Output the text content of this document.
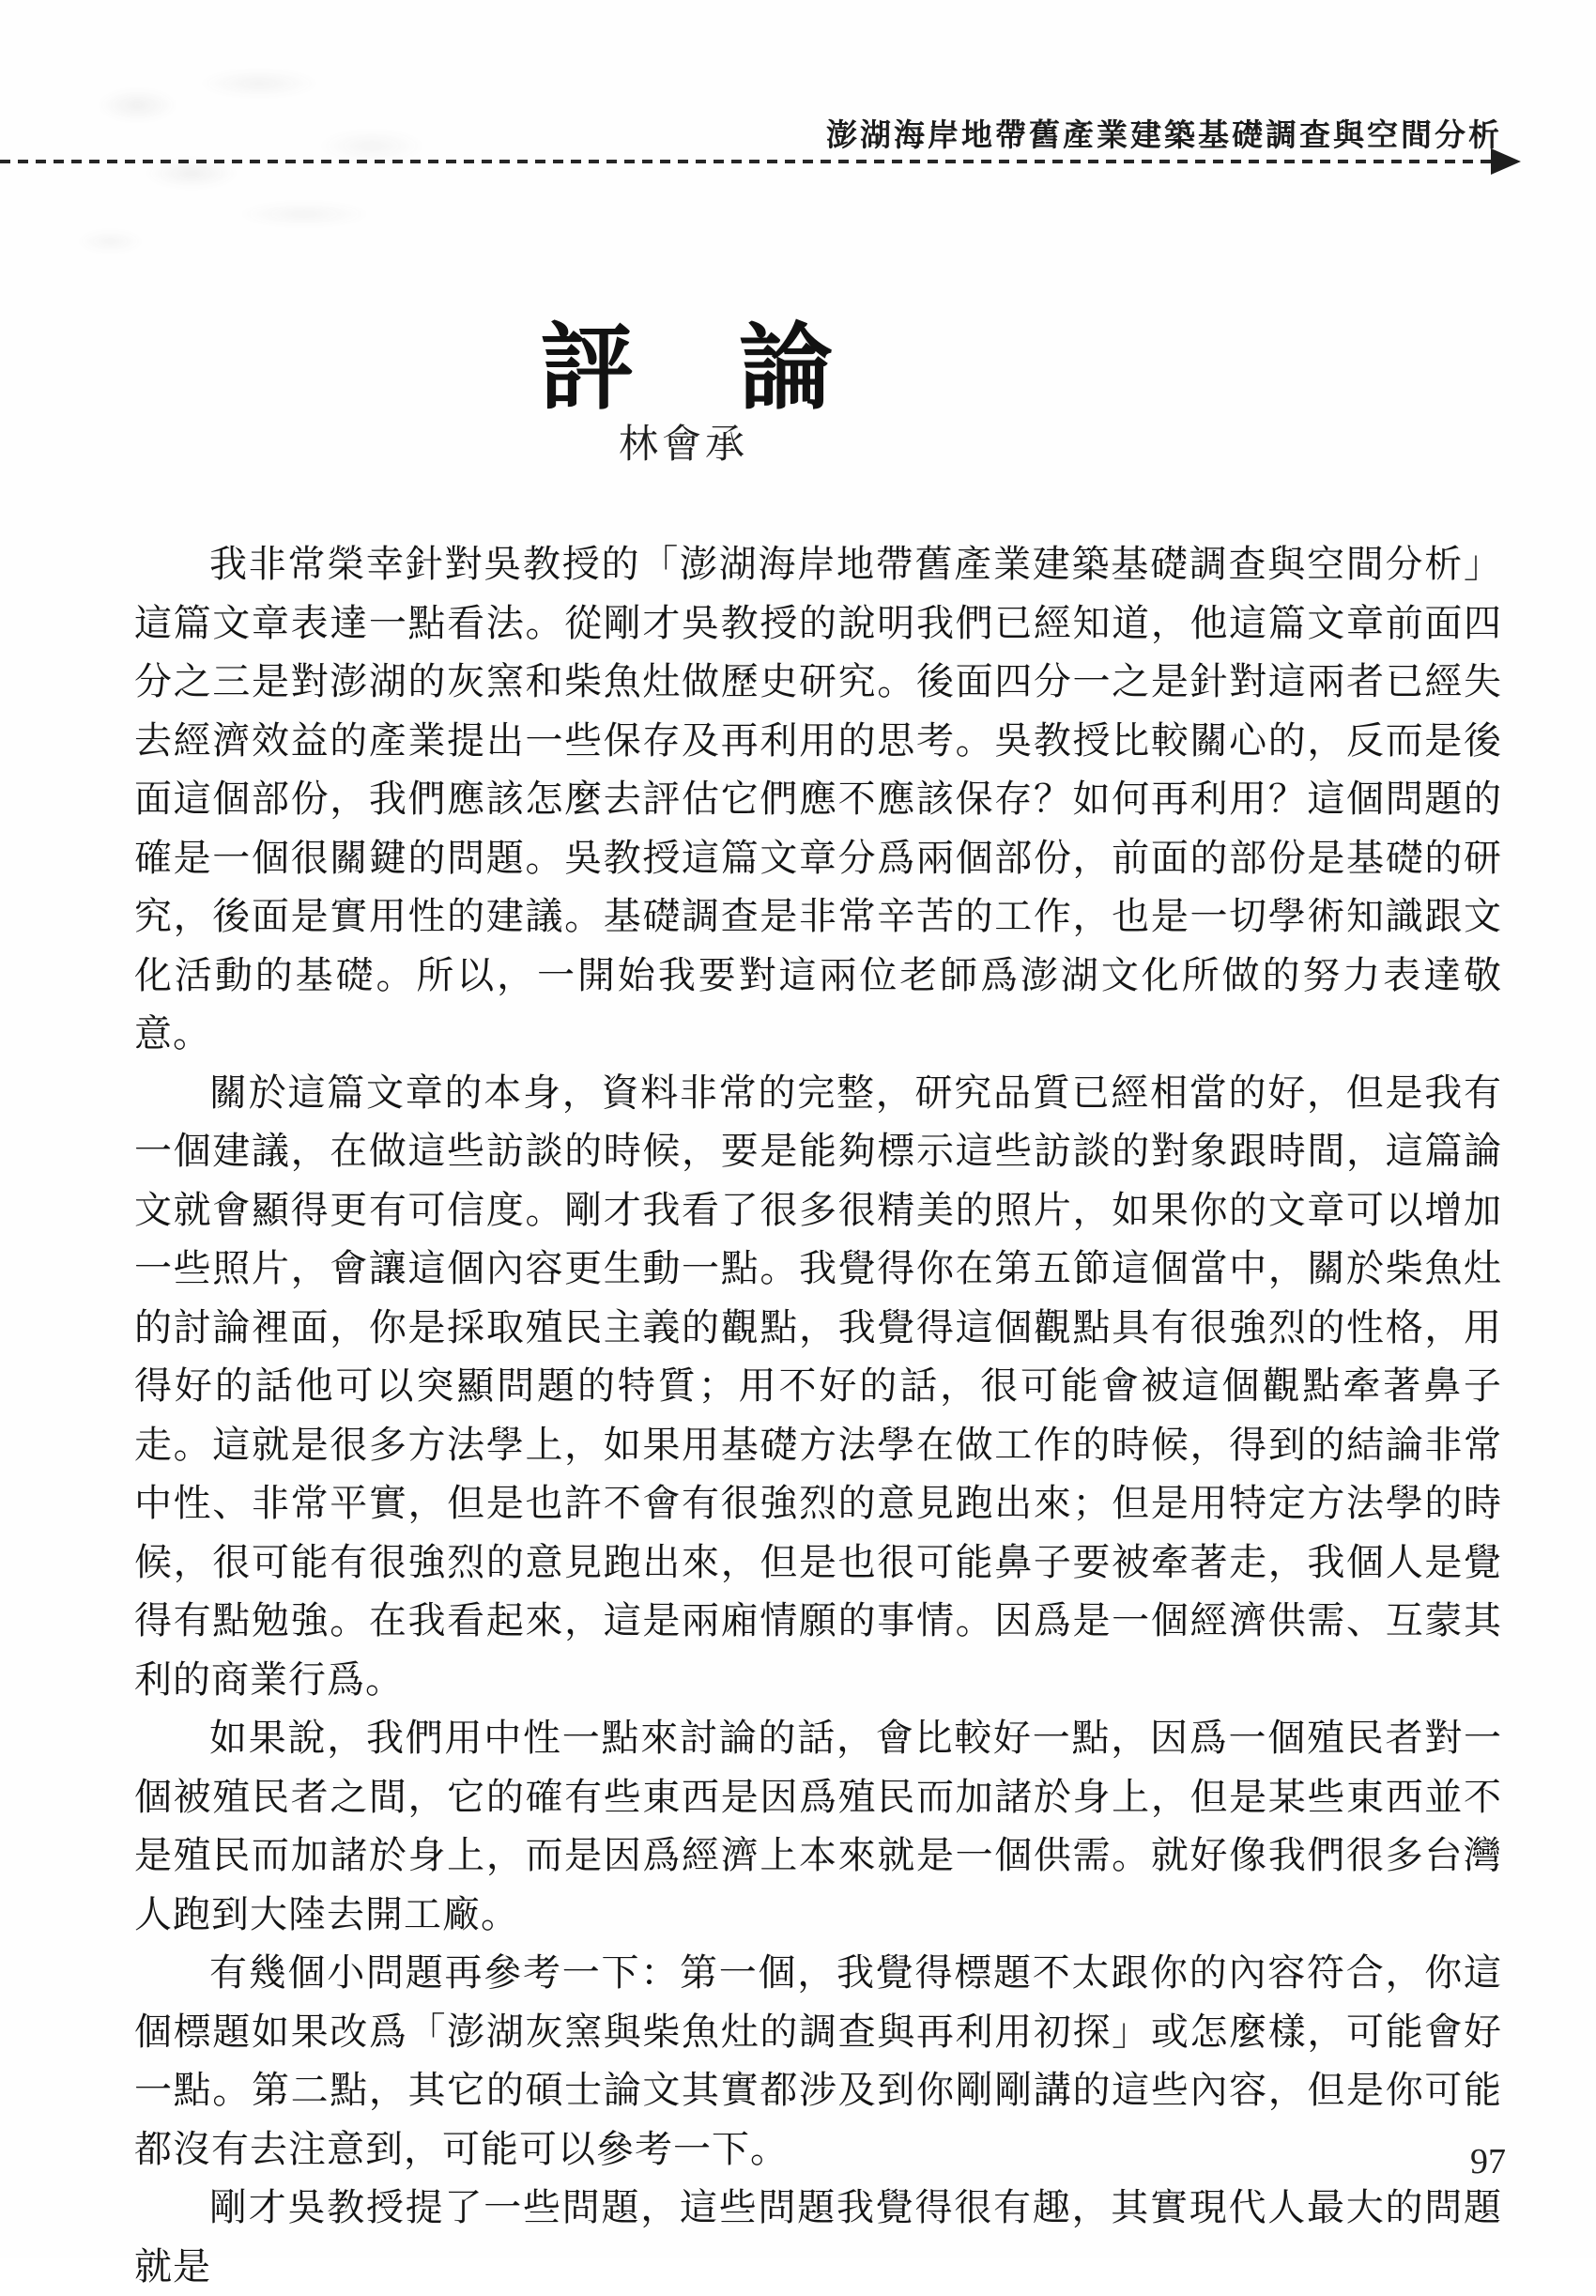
澎湖海岸地帶舊產業建築基礎調查與空間分析
評 論
林會承

我非常榮幸針對吳教授的「澎湖海岸地帶舊產業建築基礎調查與空間分析」這篇文章表達一點看法。從剛才吳教授的說明我們已經知道，他這篇文章前面四分之三是對澎湖的灰窯和柴魚灶做歷史研究。後面四分一之是針對這兩者已經失去經濟效益的產業提出一些保存及再利用的思考。吳教授比較關心的，反而是後面這個部份，我們應該怎麼去評估它們應不應該保存？如何再利用？這個問題的確是一個很關鍵的問題。吳教授這篇文章分爲兩個部份，前面的部份是基礎的研究，後面是實用性的建議。基礎調查是非常辛苦的工作，也是一切學術知識跟文化活動的基礎。所以，一開始我要對這兩位老師爲澎湖文化所做的努力表達敬意。

關於這篇文章的本身，資料非常的完整，研究品質已經相當的好，但是我有一個建議，在做這些訪談的時候，要是能夠標示這些訪談的對象跟時間，這篇論文就會顯得更有可信度。剛才我看了很多很精美的照片，如果你的文章可以增加一些照片，會讓這個內容更生動一點。我覺得你在第五節這個當中，關於柴魚灶的討論裡面，你是採取殖民主義的觀點，我覺得這個觀點具有很強烈的性格，用得好的話他可以突顯問題的特質；用不好的話，很可能會被這個觀點牽著鼻子走。這就是很多方法學上，如果用基礎方法學在做工作的時候，得到的結論非常中性、非常平實，但是也許不會有很強烈的意見跑出來；但是用特定方法學的時候，很可能有很強烈的意見跑出來，但是也很可能鼻子要被牽著走，我個人是覺得有點勉強。在我看起來，這是兩廂情願的事情。因爲是一個經濟供需、互蒙其利的商業行爲。

如果說，我們用中性一點來討論的話，會比較好一點，因爲一個殖民者對一個被殖民者之間，它的確有些東西是因爲殖民而加諸於身上，但是某些東西並不是殖民而加諸於身上，而是因爲經濟上本來就是一個供需。就好像我們很多台灣人跑到大陸去開工廠。

有幾個小問題再參考一下：第一個，我覺得標題不太跟你的內容符合，你這個標題如果改爲「澎湖灰窯與柴魚灶的調查與再利用初探」或怎麼樣，可能會好一點。第二點，其它的碩士論文其實都涉及到你剛剛講的這些內容，但是你可能都沒有去注意到，可能可以參考一下。

剛才吳教授提了一些問題，這些問題我覺得很有趣，其實現代人最大的問題就是

97
